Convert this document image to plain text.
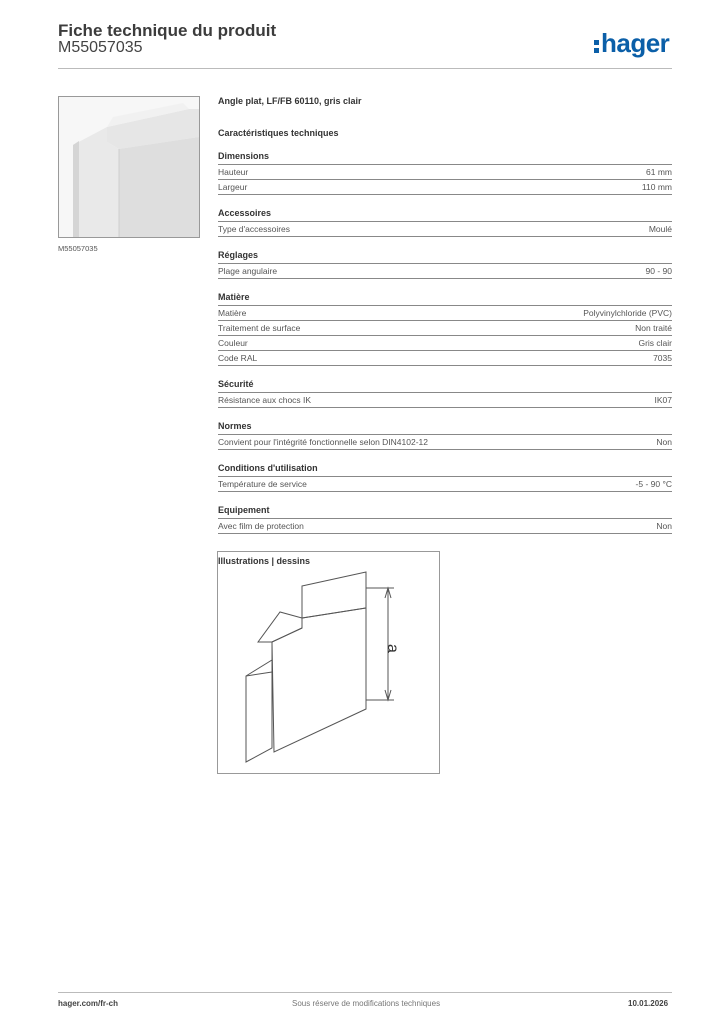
Fiche technique du produit
M55057035	hager
M55057035
Angle plat, LF/FB 60110, gris clair
Caractéristiques techniques
Dimensions
Hauteur	61 mm
Largeur	110 mm
Accessoires
Type d'accessoires	Moulé
Réglages
Plage angulaire	90 - 90
Matière
Matière	Polyvinylchloride (PVC)
Traitement de surface	Non traité
Couleur	Gris clair
Code RAL	7035
Sécurité
Résistance aux chocs IK	IK07
Normes
Convient pour l'intégrité fonctionnelle selon DIN4102-12	Non
Conditions d'utilisation
Température de service	-5 - 90 °C
Equipement
Avec film de protection	Non
Illustrations | dessins
a
hager.com/fr-ch	Sous réserve de modifications techniques	10.01.2026
